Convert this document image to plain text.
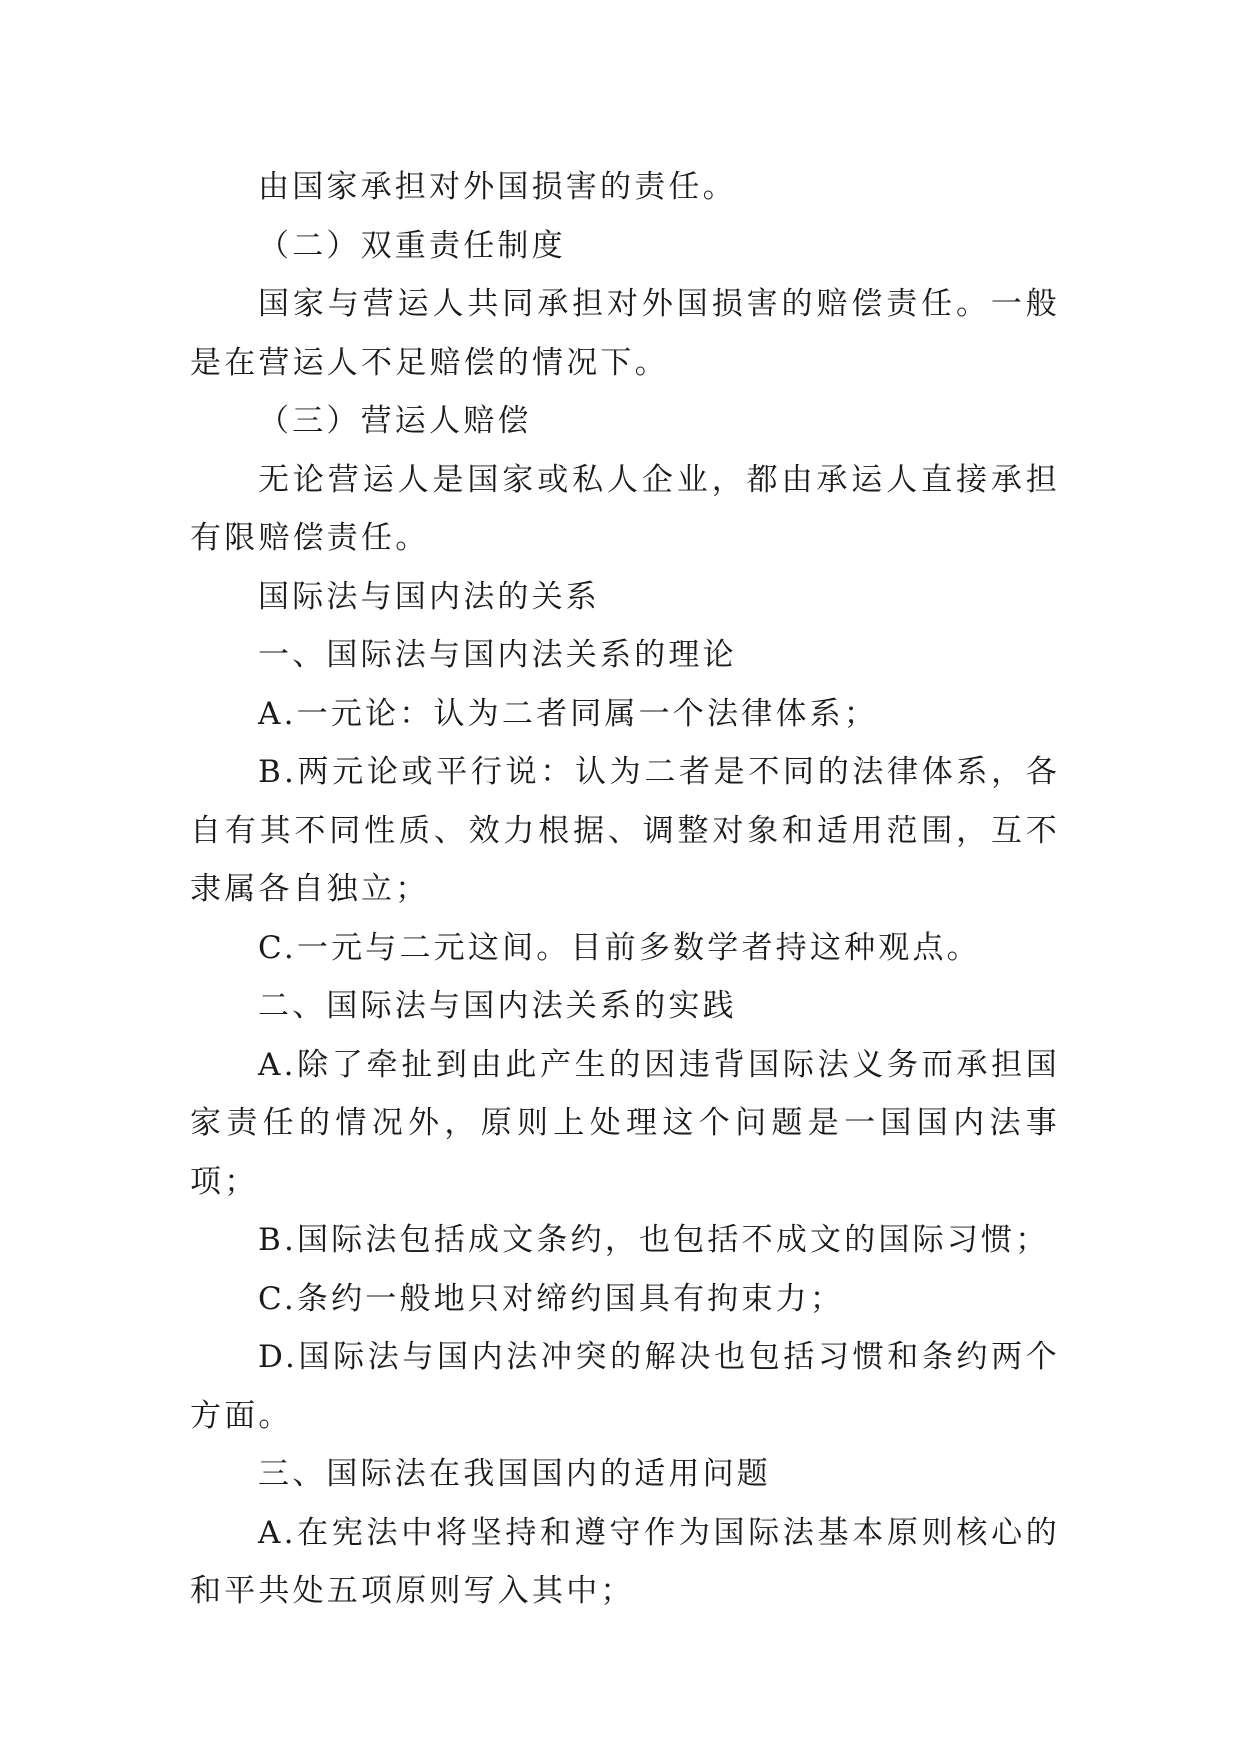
由国家承担对外国损害的责任。

（二）双重责任制度

国家与营运人共同承担对外国损害的赔偿责任。一般是在营运人不足赔偿的情况下。

（三）营运人赔偿

无论营运人是国家或私人企业，都由承运人直接承担有限赔偿责任。

国际法与国内法的关系

一、国际法与国内法关系的理论

A.一元论：认为二者同属一个法律体系；

B.两元论或平行说：认为二者是不同的法律体系，各自有其不同性质、效力根据、调整对象和适用范围，互不隶属各自独立；

C.一元与二元这间。目前多数学者持这种观点。

二、国际法与国内法关系的实践

A.除了牵扯到由此产生的因违背国际法义务而承担国家责任的情况外，原则上处理这个问题是一国国内法事项；

B.国际法包括成文条约，也包括不成文的国际习惯；

C.条约一般地只对缔约国具有拘束力；

D.国际法与国内法冲突的解决也包括习惯和条约两个方面。

三、国际法在我国国内的适用问题

A.在宪法中将坚持和遵守作为国际法基本原则核心的和平共处五项原则写入其中；
